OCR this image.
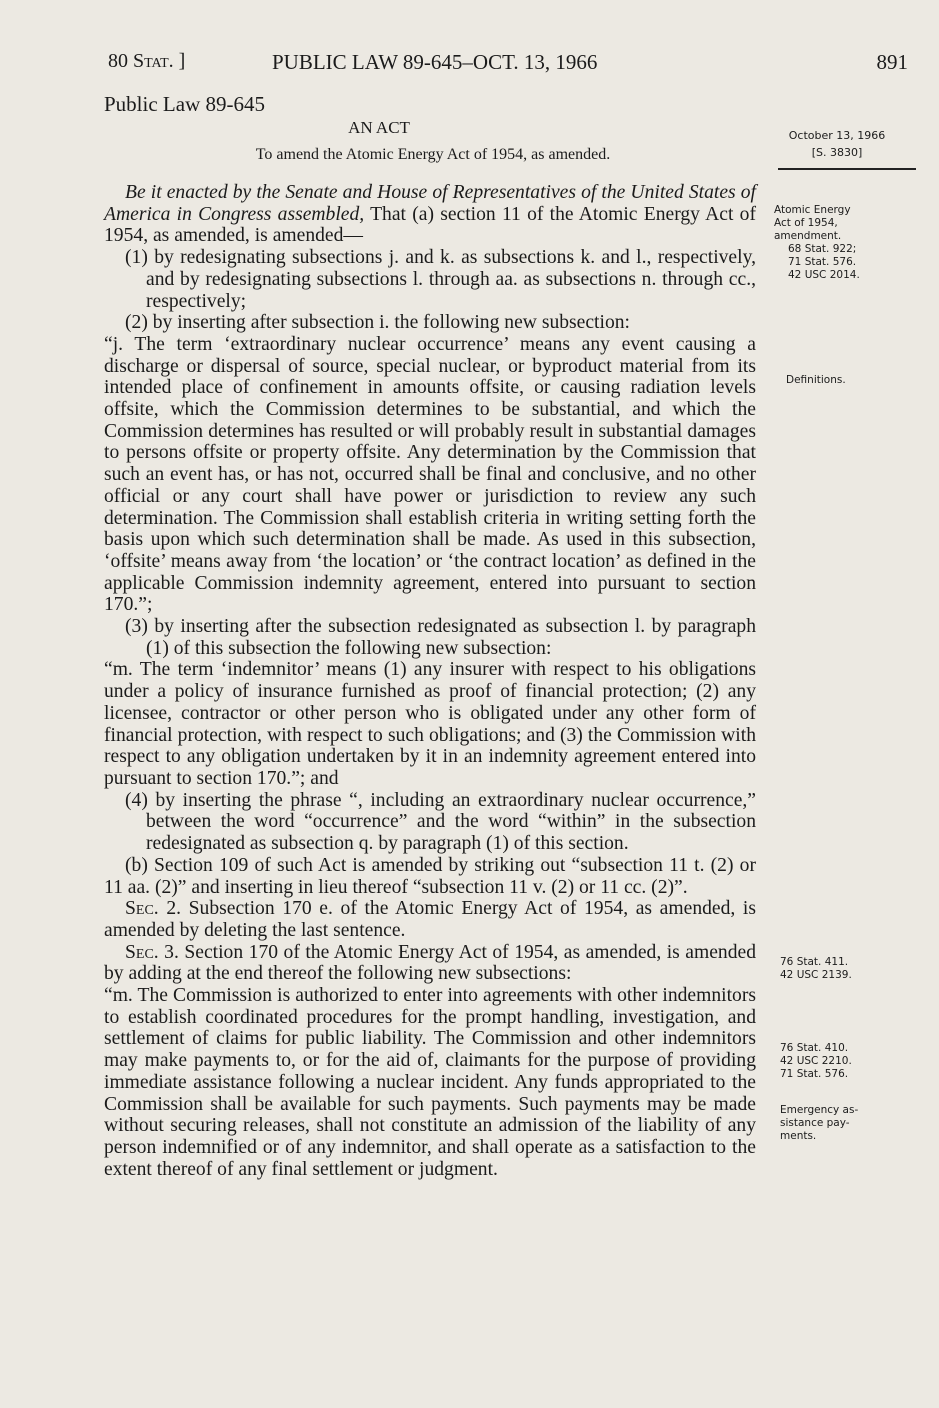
80 Stat. ]	PUBLIC LAW 89-645–OCT. 13, 1966	891
Public Law 89-645
AN ACT
To amend the Atomic Energy Act of 1954, as amended.
October 13, 1966
[S. 3830]

Be it enacted by the Senate and House of Representatives of the United States of America in Congress assembled, That (a) section 11 of the Atomic Energy Act of 1954, as amended, is amended—

(1) by redesignating subsections j. and k. as subsections k. and l., respectively, and by redesignating subsections l. through aa. as subsections n. through cc., respectively;

(2) by inserting after subsection i. the following new subsection:

“j. The term ‘extraordinary nuclear occurrence’ means any event causing a discharge or dispersal of source, special nuclear, or byproduct material from its intended place of confinement in amounts offsite, or causing radiation levels offsite, which the Commission determines to be substantial, and which the Commission determines has resulted or will probably result in substantial damages to persons offsite or property offsite. Any determination by the Commission that such an event has, or has not, occurred shall be final and conclusive, and no other official or any court shall have power or jurisdiction to review any such determination. The Commission shall establish criteria in writing setting forth the basis upon which such determination shall be made. As used in this subsection, ‘offsite’ means away from ‘the location’ or ‘the contract location’ as defined in the applicable Commission indemnity agreement, entered into pursuant to section 170.”;

(3) by inserting after the subsection redesignated as subsection l. by paragraph (1) of this subsection the following new subsection:

“m. The term ‘indemnitor’ means (1) any insurer with respect to his obligations under a policy of insurance furnished as proof of financial protection; (2) any licensee, contractor or other person who is obligated under any other form of financial protection, with respect to such obligations; and (3) the Commission with respect to any obligation undertaken by it in an indemnity agreement entered into pursuant to section 170.”; and

(4) by inserting the phrase “, including an extraordinary nuclear occurrence,” between the word “occurrence” and the word “within” in the subsection redesignated as subsection q. by paragraph (1) of this section.

(b) Section 109 of such Act is amended by striking out “subsection 11 t. (2) or 11 aa. (2)” and inserting in lieu thereof “subsection 11 v. (2) or 11 cc. (2)”.

Sec. 2. Subsection 170 e. of the Atomic Energy Act of 1954, as amended, is amended by deleting the last sentence.

Sec. 3. Section 170 of the Atomic Energy Act of 1954, as amended, is amended by adding at the end thereof the following new subsections:

“m. The Commission is authorized to enter into agreements with other indemnitors to establish coordinated procedures for the prompt handling, investigation, and settlement of claims for public liability. The Commission and other indemnitors may make payments to, or for the aid of, claimants for the purpose of providing immediate assistance following a nuclear incident. Any funds appropriated to the Commission shall be available for such payments. Such payments may be made without securing releases, shall not constitute an admission of the liability of any person indemnified or of any indemnitor, and shall operate as a satisfaction to the extent thereof of any final settlement or judgment.

Atomic Energy
Act of 1954,
amendment.
68 Stat. 922;
71 Stat. 576.
42 USC 2014.
Definitions.
76 Stat. 411.
42 USC 2139.
76 Stat. 410.
42 USC 2210.
71 Stat. 576.
Emergency as-
sistance pay-
ments.
